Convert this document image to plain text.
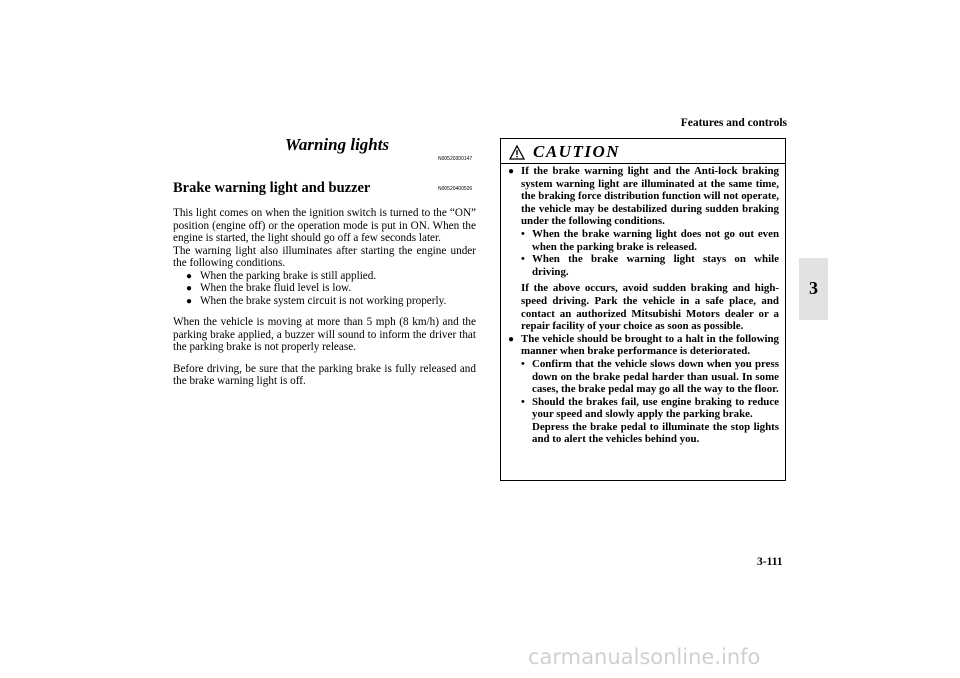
Features and controls
3
Warning lights
N00520300147
Brake warning light and buzzer	N00520400526

This light comes on when the ignition switch is turned to the “ON” position (engine off) or the operation mode is put in ON. When the engine is started, the light should go off a few seconds later.

The warning light also illuminates after starting the engine under the following conditions.

● When the parking brake is still applied.
● When the brake fluid level is low.
● When the brake system circuit is not working properly.

When the vehicle is moving at more than 5 mph (8 km/h) and the parking brake applied, a buzzer will sound to inform the driver that the parking brake is not properly release.

Before driving, be sure that the parking brake is fully released and the brake warning light is off.

CAUTION
● If the brake warning light and the Anti-lock braking system warning light are illuminated at the same time, the braking force distribution function will not operate, the vehicle may be destabilized during sudden braking under the following conditions.
• When the brake warning light does not go out even when the parking brake is released.
• When the brake warning light stays on while driving.
If the above occurs, avoid sudden braking and high-speed driving. Park the vehicle in a safe place, and contact an authorized Mitsubishi Motors dealer or a repair facility of your choice as soon as possible.
● The vehicle should be brought to a halt in the following manner when brake performance is deteriorated.
• Confirm that the vehicle slows down when you press down on the brake pedal harder than usual. In some cases, the brake pedal may go all the way to the floor.
• Should the brakes fail, use engine braking to reduce your speed and slowly apply the parking brake.
Depress the brake pedal to illuminate the stop lights and to alert the vehicles behind you.
3-111
carmanualsonline.info
